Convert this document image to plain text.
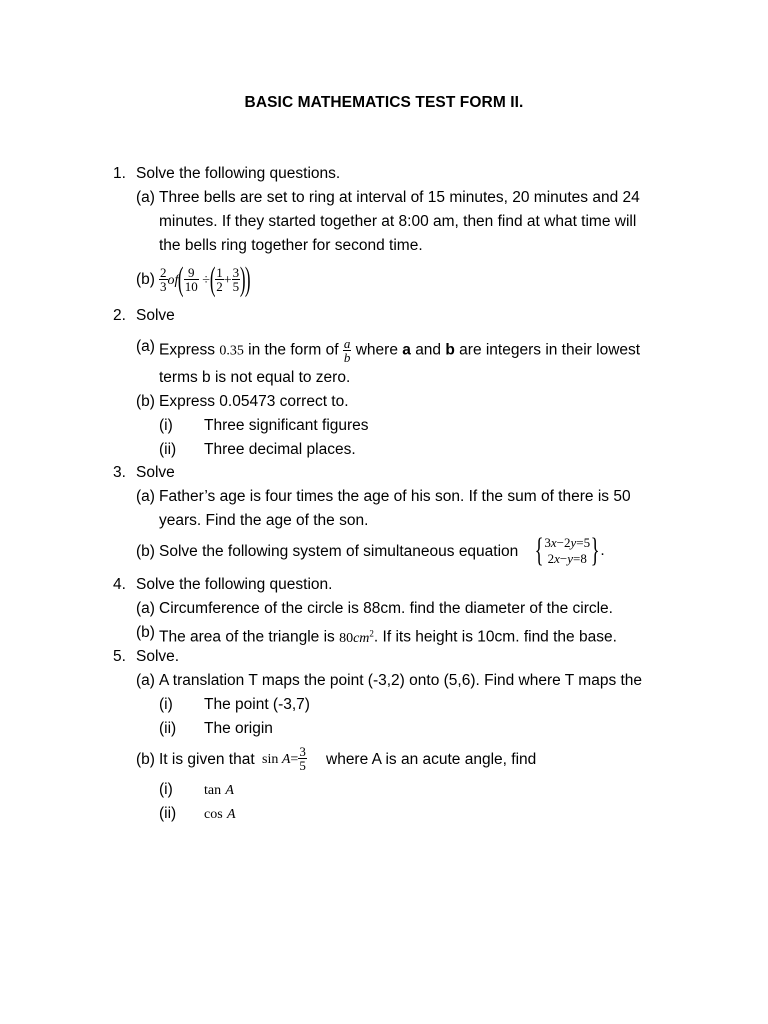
BASIC MATHEMATICS TEST FORM II.
1. Solve the following questions.
(a) Three bells are set to ring at interval of 15 minutes, 20 minutes and 24
minutes. If they started together at 8:00 am, then find at what time will
the bells ring together for second time.
$(b) \frac{2}{3} of( \frac{9}{10}$ ÷( $\frac{1}{2} + \frac{3}{5}$ ))
2. Solve
(a) Express 0.35 in the form of $\frac{a}{b}$ where a and b are integers in their lowest
terms b is not equal to zero.
(b) Express 0.05473 correct to.
(i) Three significant figures
(ii) Three decimal places.
3. Solve
(a) Father’s age is four times the age of his son. If the sum of there is 50
years. Find the age of the son.
(b) Solve the following system of simultaneous equation { 3x−2y=5
2x−y=8 }.
4. Solve the following question.
(a) Circumference of the circle is 88cm. find the diameter of the circle.
(b) The area of the triangle is $80cm^2$. If its height is 10cm. find the base.
5. Solve.
(a) A translation T maps the point (-3,2) onto (5,6). Find where T maps the
(i) The point (-3,7)
(ii) The origin
(b) It is given that $\sin A= \frac{3}{5}$ where A is an acute angle, find
(i) tan A
(ii) cos A
